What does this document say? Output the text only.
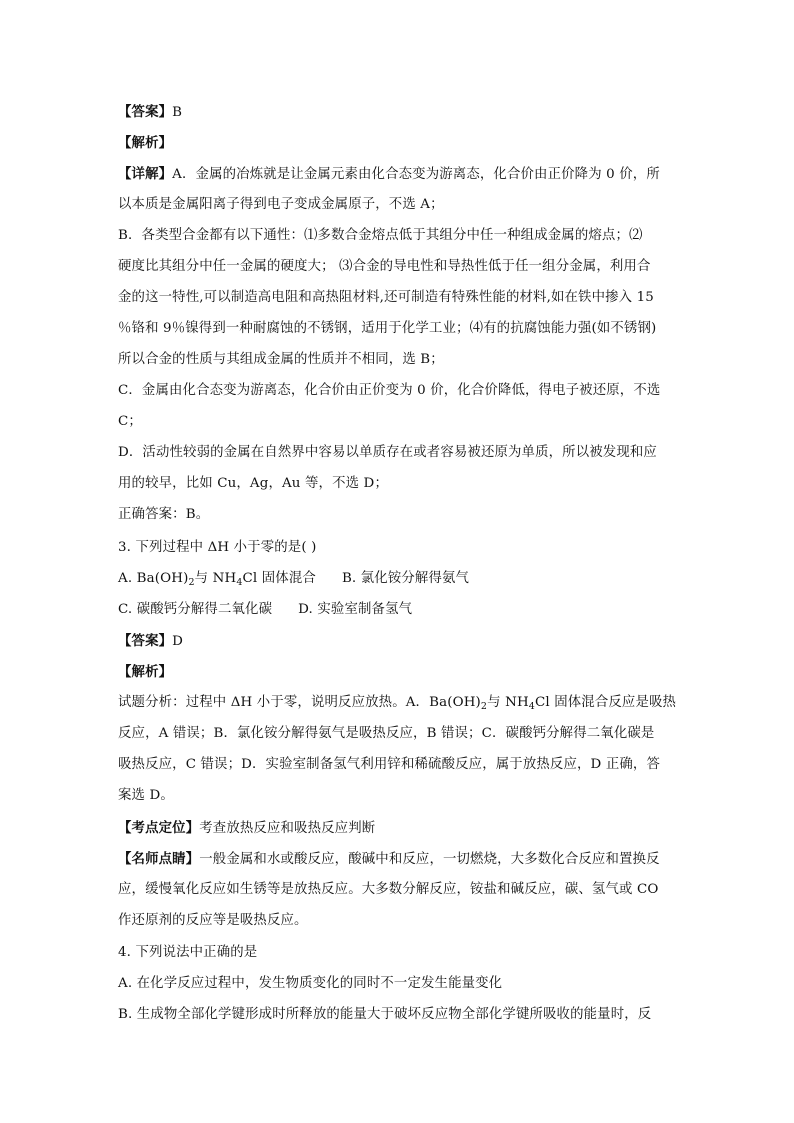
【答案】B
【解析】
【详解】A．金属的冶炼就是让金属元素由化合态变为游离态，化合价由正价降为 0 价，所
以本质是金属阳离子得到电子变成金属原子，不选 A；
B．各类型合金都有以下通性：⑴多数合金熔点低于其组分中任一种组成金属的熔点；⑵
硬度比其组分中任一金属的硬度大； ⑶合金的导电性和导热性低于任一组分金属，利用合
金的这一特性,可以制造高电阻和高热阻材料,还可制造有特殊性能的材料,如在铁中掺入 15
％铬和 9％镍得到一种耐腐蚀的不锈钢，适用于化学工业；⑷有的抗腐蚀能力强(如不锈钢)
所以合金的性质与其组成金属的性质并不相同，选 B；
C．金属由化合态变为游离态，化合价由正价变为 0 价，化合价降低，得电子被还原，不选
C；
D．活动性较弱的金属在自然界中容易以单质存在或者容易被还原为单质，所以被发现和应
用的较早，比如 Cu，Ag，Au 等，不选 D；
正确答案：B。
3. 下列过程中 ΔH 小于零的是( )
A. $Ba(OH)_2$与 $NH_4Cl$ 固体混合 B. 氯化铵分解得氨气
C. 碳酸钙分解得二氧化碳 D. 实验室制备氢气
【答案】D
【解析】
试题分析：过程中 ΔH 小于零，说明反应放热。A．$Ba(OH)_2$与 $NH_4Cl$ 固体混合反应是吸热
反应，A 错误；B．氯化铵分解得氨气是吸热反应，B 错误；C．碳酸钙分解得二氧化碳是
吸热反应，C 错误；D．实验室制备氢气利用锌和稀硫酸反应，属于放热反应，D 正确，答
案选 D。
【考点定位】考查放热反应和吸热反应判断
【名师点睛】一般金属和水或酸反应，酸碱中和反应，一切燃烧，大多数化合反应和置换反
应，缓慢氧化反应如生锈等是放热反应。大多数分解反应，铵盐和碱反应，碳、氢气或 CO
作还原剂的反应等是吸热反应。
4. 下列说法中正确的是
A. 在化学反应过程中，发生物质变化的同时不一定发生能量变化
B. 生成物全部化学键形成时所释放的能量大于破坏反应物全部化学键所吸收的能量时，反
